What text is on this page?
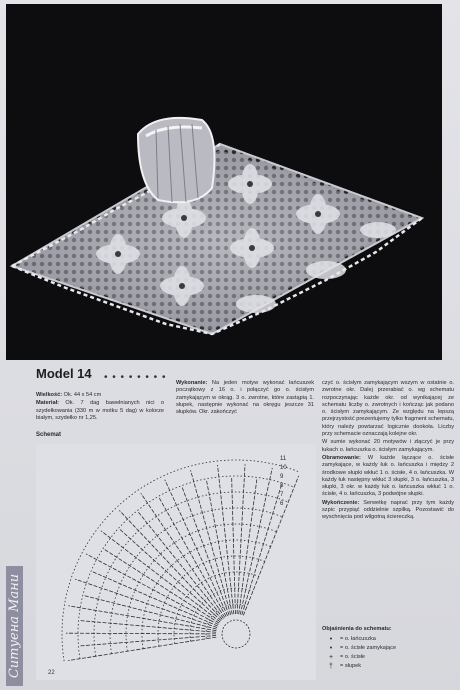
Model 14 • • • • • • • •
Wielkość: Ok. 44 x 54 cm
Materiał: Ok. 7 dag bawełnianych nici o szydełkowania (330 m w motku 5 dag) w kolorze białym, szydełko nr 1,25.
Schemat
Wykonanie: Na jeden motyw wykonać łańcuszek początkowy z 16 o. i połączyć go o. ścisłym zamykającym w okrąg. 3 o. zwrotne, które zastąpią 1. słupek, następnie wykonać na okręgu jeszcze 31 słupków. Okr. zakończyć
czyć o. ścisłym zamykającym wszym w ostatnie o. zwrotne okr. Dalej przerabiać o. wg schematu rozpoczynając każde okr. od wynikającej ze schematu liczby o. zwrotnych i kończąc jak podano o. ścisłym zamykającym. Ze względu na lepszą przejrzystość prezentujemy tylko fragment schematu, który należy powtarzać logicznie dookoła. Liczby przy schemacie oznaczają kolejne okr.
W sumie wykonać 20 motywów i złączyć je przy łukach o. łańcuszka o. ścisłym zamykającym.
Obramowanie: W każde łączące o. ścisłe zamykające, w każdy łuk o. łańcuszka i między 2 środkowe słupki wkłuć 1 o. ścisłe, 4 o. łańcuszka. W każdy łuk następny wkłuć 3 słupki, 3 o. łańcuszka, 3 słupki, 3 okr. w każdy łuk o. łańcuszka wkłuć 1 o. ścisłe, 4 o. łańcuszka, 3 podwójne słupki.
Wykończenie: Serwetkę naprać przy tym każdy szpic przypiąć oddzielnie szpilką. Pozostawić do wyschnięcia pod wilgotną ściereczką.
11
10
9
8
7
6
Objaśnienia do schematu:
•	= o. łańcuszka
•	= o. ścisłe zamykające
+	= o. ścisłe
†	= słupek
22
Ситуена Мани
